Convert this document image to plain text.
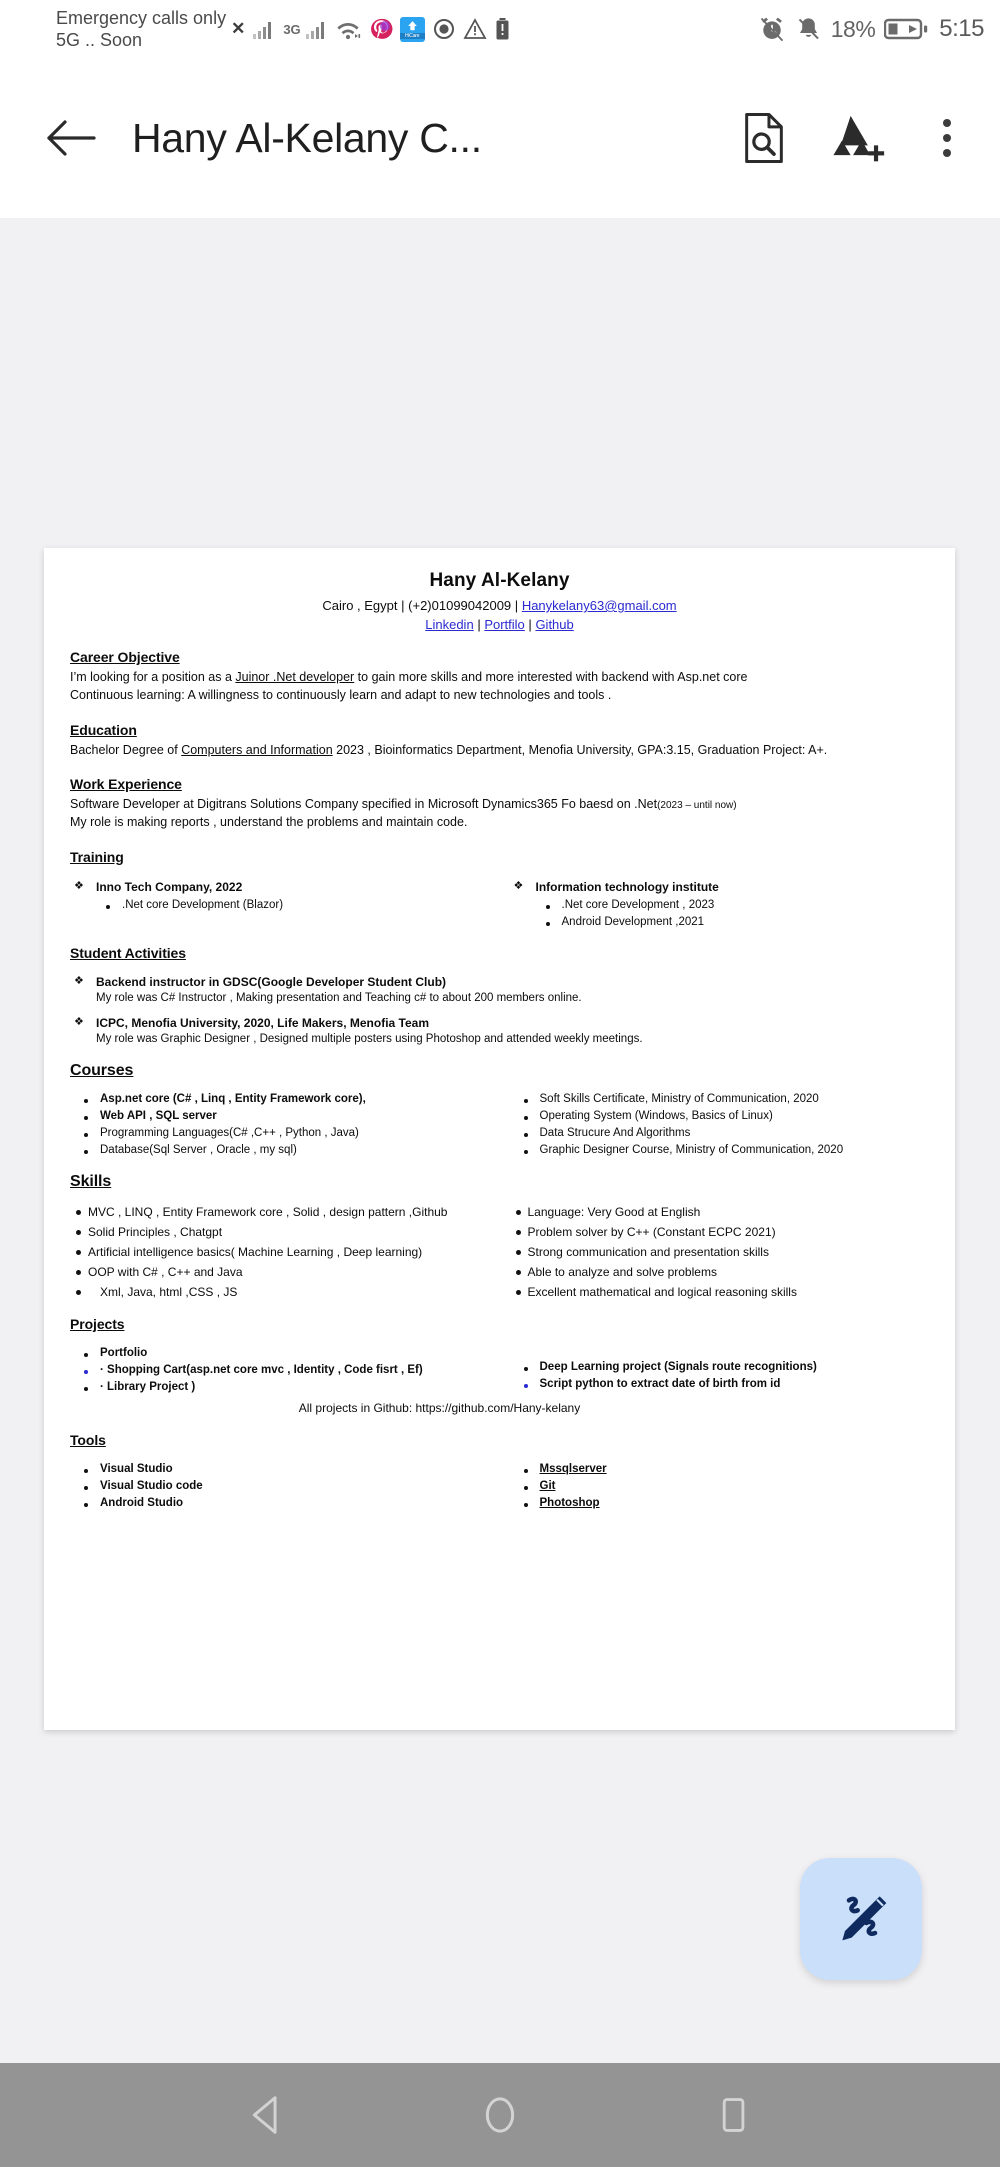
Emergency calls only
5G .. Soon
✕	3G	HiCare	18%	5:15
Hany Al-Kelany C...
Hany Al-Kelany
Cairo , Egypt | (+2)01099042009 | Hanykelany63@gmail.com
Linkedin | Portfilo | Github
Career Objective
I’m looking for a position as a Juinor .Net developer to gain more skills and more interested with backend with Asp.net core
Continuous learning: A willingness to continuously learn and adapt to new technologies and tools .
Education
Bachelor Degree of Computers and Information 2023 , Bioinformatics Department, Menofia University, GPA:3.15, Graduation Project: A+.
Work Experience
Software Developer at Digitrans Solutions Company specified in Microsoft Dynamics365 Fo baesd on .Net(2023 – until now)
My role is making reports , understand the problems and maintain code.
Training
❖ Inno Tech Company, 2022
.Net core Development (Blazor)
❖ Information technology institute
.Net core Development , 2023
Android Development ,2021
Student Activities
❖ Backend instructor in GDSC(Google Developer Student Club)
My role was C# Instructor , Making presentation and Teaching c# to about 200 members online.
❖ ICPC, Menofia University, 2020, Life Makers, Menofia Team
My role was Graphic Designer , Designed multiple posters using Photoshop and attended weekly meetings.
Courses
Asp.net core (C# , Linq , Entity Framework core),
Web API , SQL server
Programming Languages(C# ,C++ , Python , Java)
Database(Sql Server , Oracle , my sql)
Soft Skills Certificate, Ministry of Communication, 2020
Operating System (Windows, Basics of Linux)
Data Strucure And Algorithms
Graphic Designer Course, Ministry of Communication, 2020
Skills
MVC , LINQ , Entity Framework core , Solid , design pattern ,Github
Solid Principles , Chatgpt
Artificial intelligence basics( Machine Learning , Deep learning)
OOP with C# , C++ and Java
Xml, Java, html ,CSS , JS
Language: Very Good at English
Problem solver by C++ (Constant ECPC 2021)
Strong communication and presentation skills
Able to analyze and solve problems
Excellent mathematical and logical reasoning skills
Projects
Portfolio
· Shopping Cart(asp.net core mvc , Identity , Code fisrt , Ef)
· Library Project )
Deep Learning project (Signals route recognitions)
Script python to extract date of birth from id
All projects in Github: https://github.com/Hany-kelany
Tools
Visual Studio
Visual Studio code
Android Studio
Mssqlserver
Git
Photoshop
